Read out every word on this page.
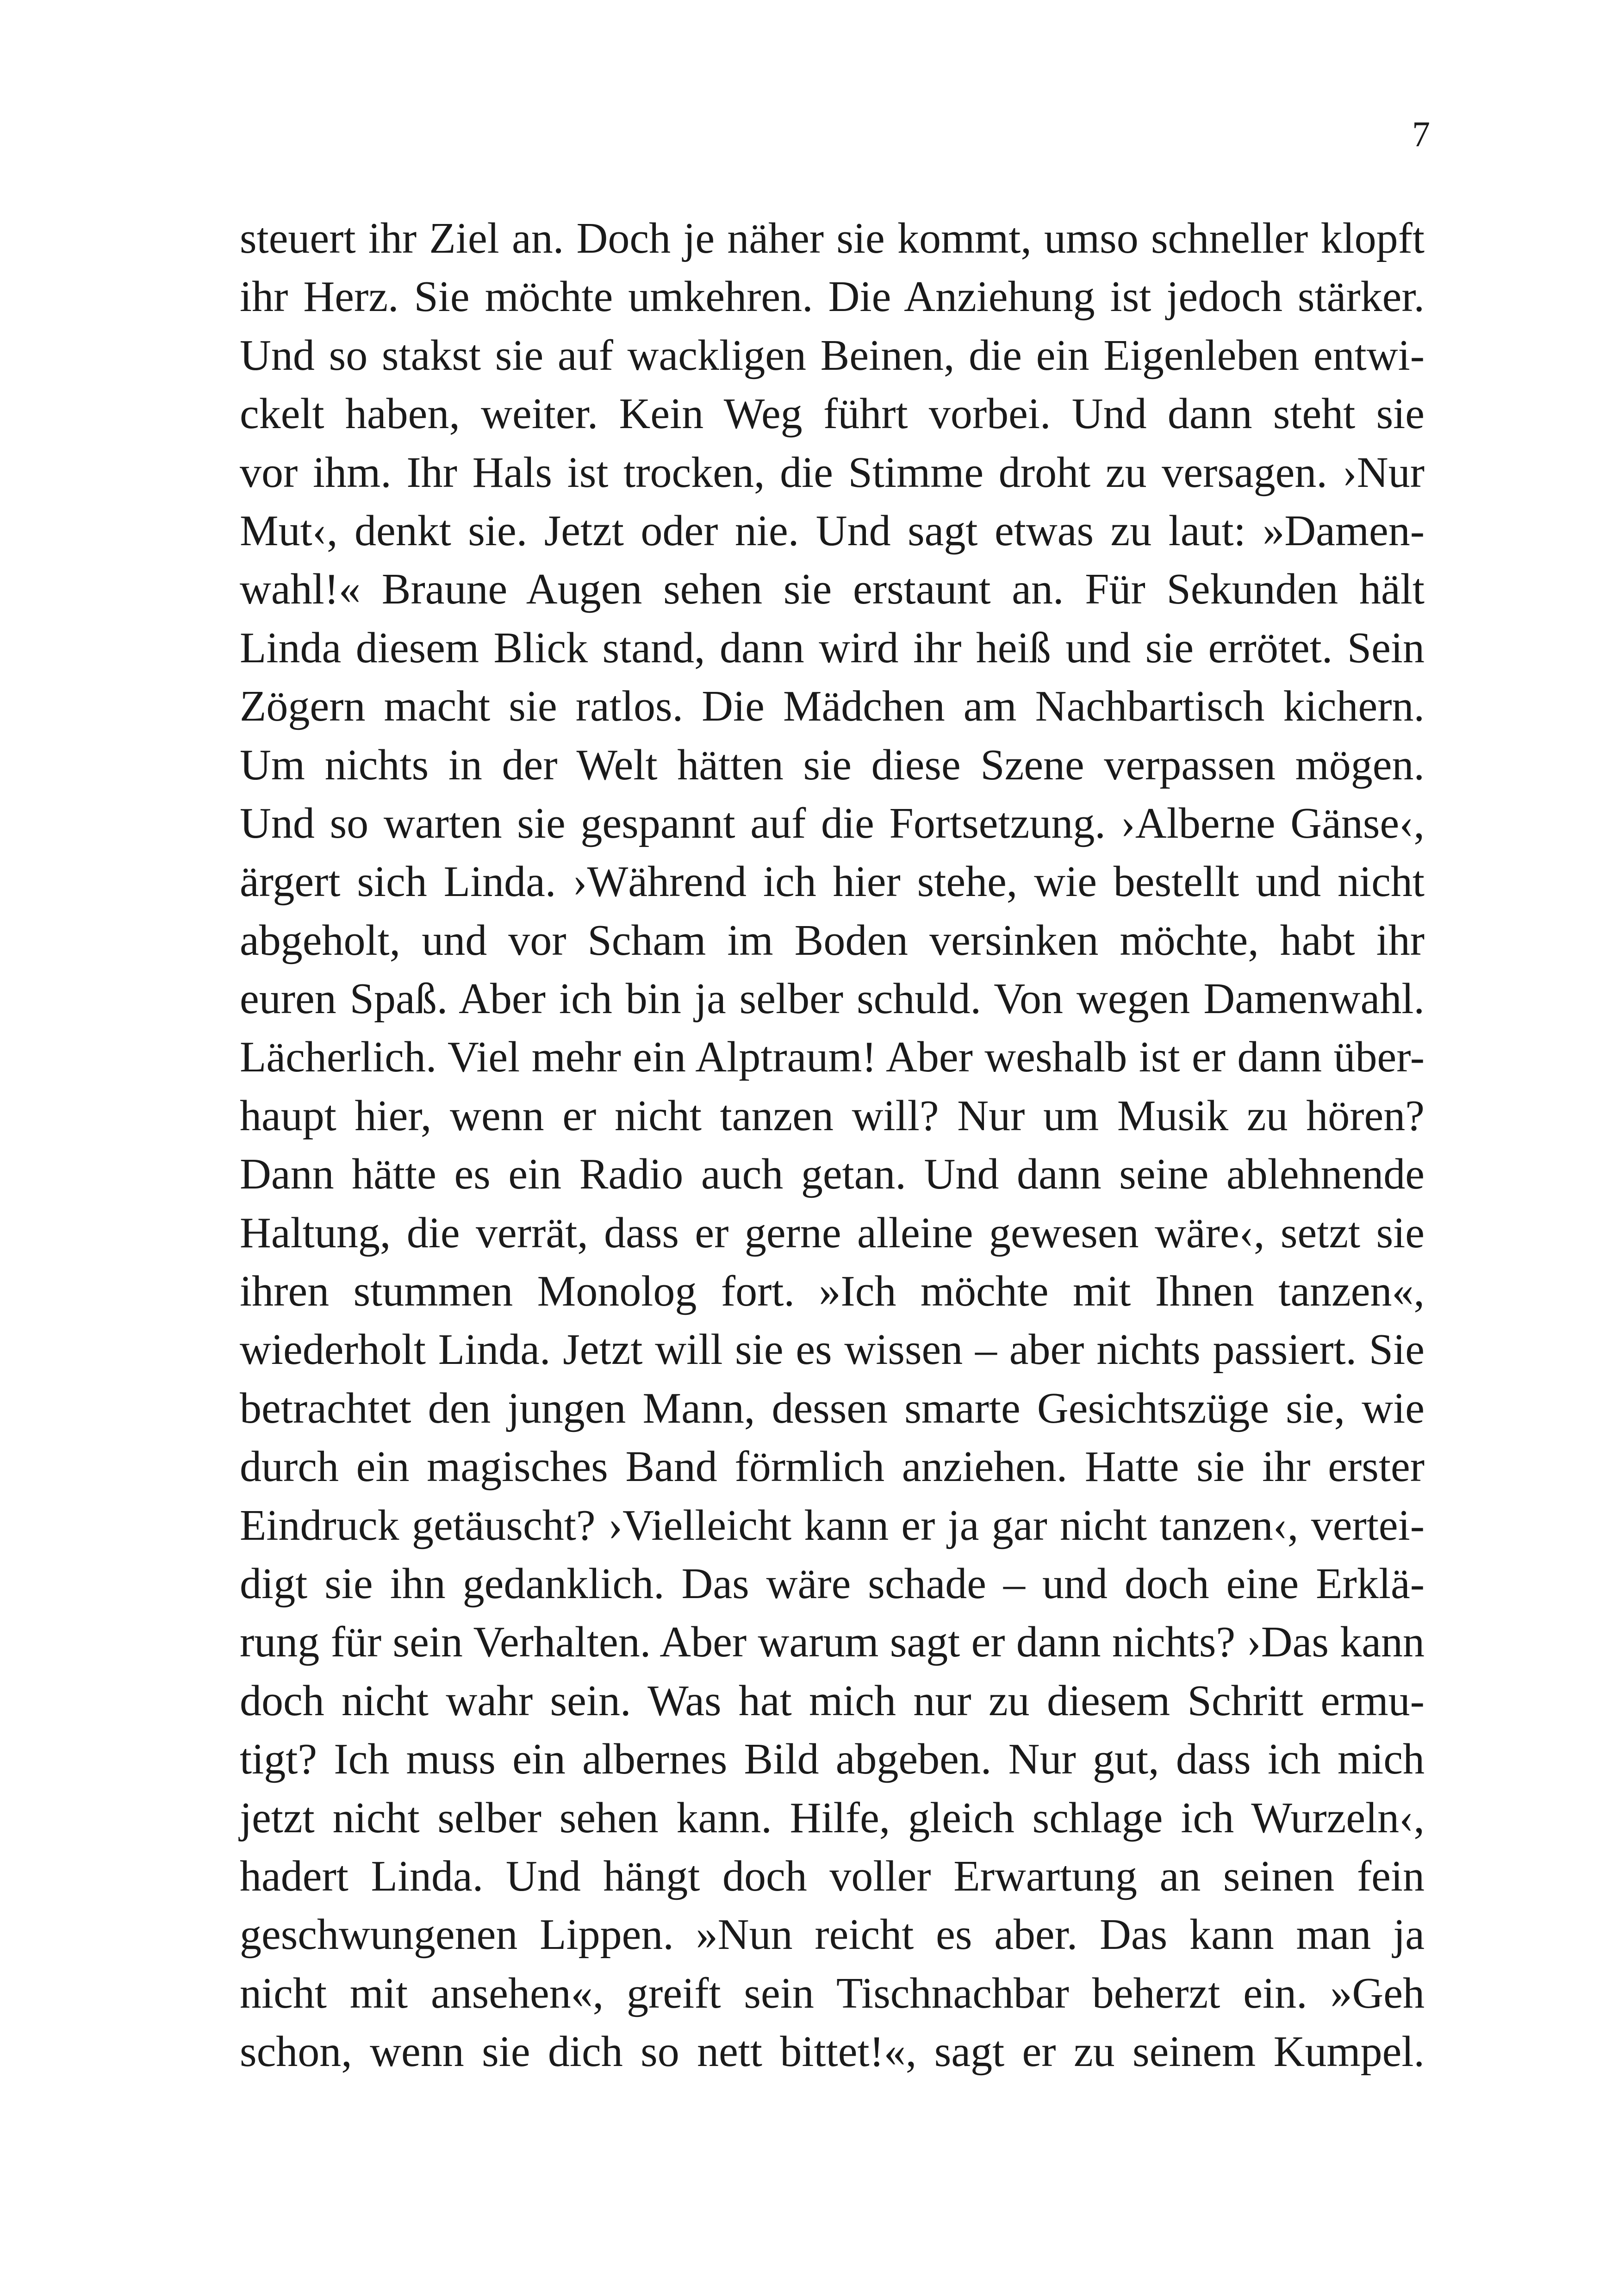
7
steuert ihr Ziel an. Doch je näher sie kommt, umso schneller klopft
ihr Herz. Sie möchte umkehren. Die Anziehung ist jedoch stärker.
Und so stakst sie auf wackligen Beinen, die ein Eigenleben entwi-
ckelt haben, weiter. Kein Weg führt vorbei. Und dann steht sie
vor ihm. Ihr Hals ist trocken, die Stimme droht zu versagen. ›Nur
Mut‹, denkt sie. Jetzt oder nie. Und sagt etwas zu laut: »Damen-
wahl!« Braune Augen sehen sie erstaunt an. Für Sekunden hält
Linda diesem Blick stand, dann wird ihr heiß und sie errötet. Sein
Zögern macht sie ratlos. Die Mädchen am Nachbartisch kichern.
Um nichts in der Welt hätten sie diese Szene verpassen mögen.
Und so warten sie gespannt auf die Fortsetzung. ›Alberne Gänse‹,
ärgert sich Linda. ›Während ich hier stehe, wie bestellt und nicht
abgeholt, und vor Scham im Boden versinken möchte, habt ihr
euren Spaß. Aber ich bin ja selber schuld. Von wegen Damenwahl.
Lächerlich. Viel mehr ein Alptraum! Aber weshalb ist er dann über-
haupt hier, wenn er nicht tanzen will? Nur um Musik zu hören?
Dann hätte es ein Radio auch getan. Und dann seine ablehnende
Haltung, die verrät, dass er gerne alleine gewesen wäre‹, setzt sie
ihren stummen Monolog fort. »Ich möchte mit Ihnen tanzen«,
wiederholt Linda. Jetzt will sie es wissen – aber nichts passiert. Sie
betrachtet den jungen Mann, dessen smarte Gesichtszüge sie, wie
durch ein magisches Band förmlich anziehen. Hatte sie ihr erster
Eindruck getäuscht? ›Vielleicht kann er ja gar nicht tanzen‹, vertei-
digt sie ihn gedanklich. Das wäre schade – und doch eine Erklä-
rung für sein Verhalten. Aber warum sagt er dann nichts? ›Das kann
doch nicht wahr sein. Was hat mich nur zu diesem Schritt ermu-
tigt? Ich muss ein albernes Bild abgeben. Nur gut, dass ich mich
jetzt nicht selber sehen kann. Hilfe, gleich schlage ich Wurzeln‹,
hadert Linda. Und hängt doch voller Erwartung an seinen fein
geschwungenen Lippen. »Nun reicht es aber. Das kann man ja
nicht mit ansehen«, greift sein Tischnachbar beherzt ein. »Geh
schon, wenn sie dich so nett bittet!«, sagt er zu seinem Kumpel.
